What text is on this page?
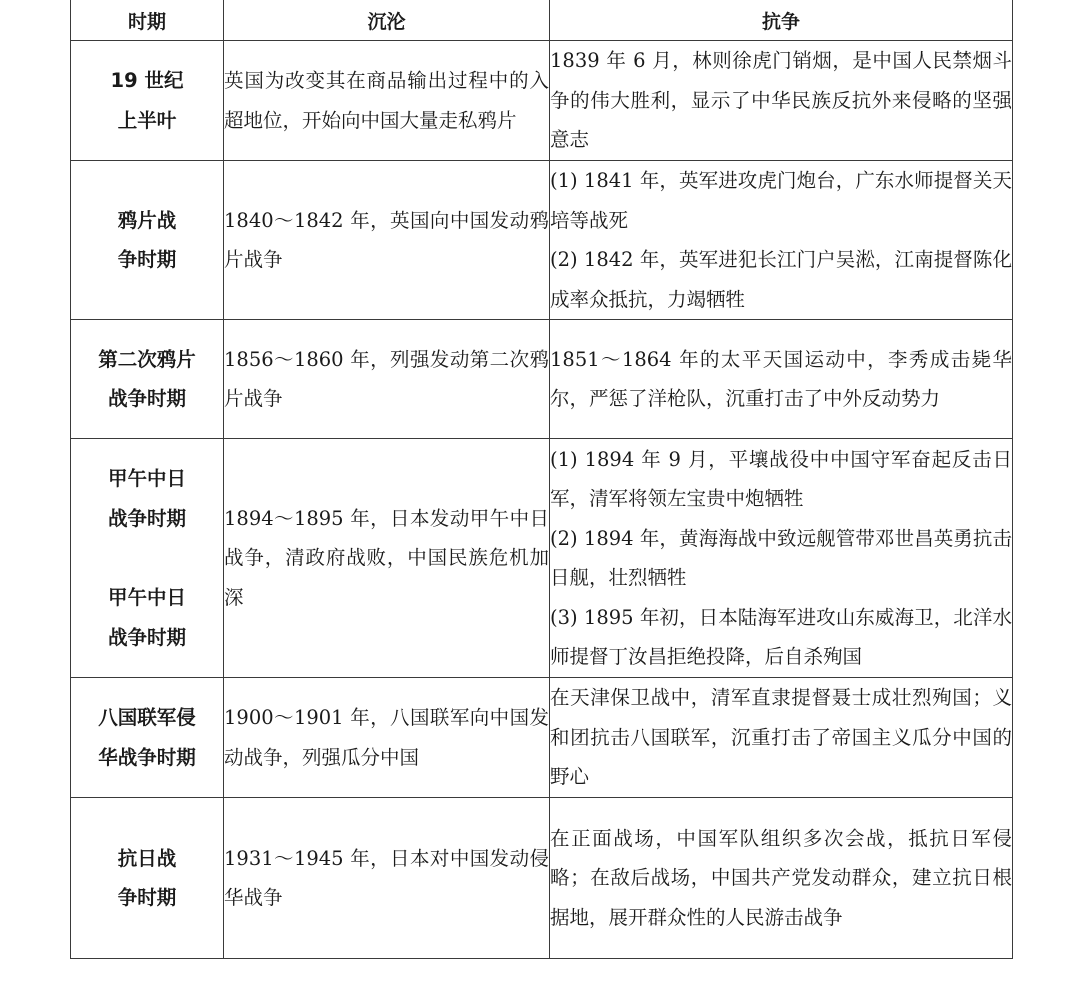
时期	沉沦	抗争

19 世纪
上半叶	英国为改变其在商品输出过程中的入超地位，开始向中国大量走私鸦片	1839 年 6 月，林则徐虎门销烟，是中国人民禁烟斗争的伟大胜利，显示了中华民族反抗外来侵略的坚强意志

鸦片战
争时期	1840～1842 年，英国向中国发动鸦片战争	(1) 1841 年，英军进攻虎门炮台，广东水师提督关天培等战死
(2) 1842 年，英军进犯长江门户吴淞，江南提督陈化成率众抵抗，力竭牺牲

第二次鸦片
战争时期	1856～1860 年，列强发动第二次鸦片战争	1851～1864 年的太平天国运动中，李秀成击毙华尔，严惩了洋枪队，沉重打击了中外反动势力

甲午中日
战争时期
甲午中日
战争时期	1894～1895 年，日本发动甲午中日战争，清政府战败，中国民族危机加深	(1) 1894 年 9 月，平壤战役中中国守军奋起反击日军，清军将领左宝贵中炮牺牲
(2) 1894 年，黄海海战中致远舰管带邓世昌英勇抗击日舰，壮烈牺牲
(3) 1895 年初，日本陆海军进攻山东威海卫，北洋水师提督丁汝昌拒绝投降，后自杀殉国

八国联军侵
华战争时期	1900～1901 年，八国联军向中国发动战争，列强瓜分中国	在天津保卫战中，清军直隶提督聂士成壮烈殉国；义和团抗击八国联军，沉重打击了帝国主义瓜分中国的野心

抗日战
争时期	1931～1945 年，日本对中国发动侵华战争	在正面战场，中国军队组织多次会战，抵抗日军侵略；在敌后战场，中国共产党发动群众，建立抗日根据地，展开群众性的人民游击战争
